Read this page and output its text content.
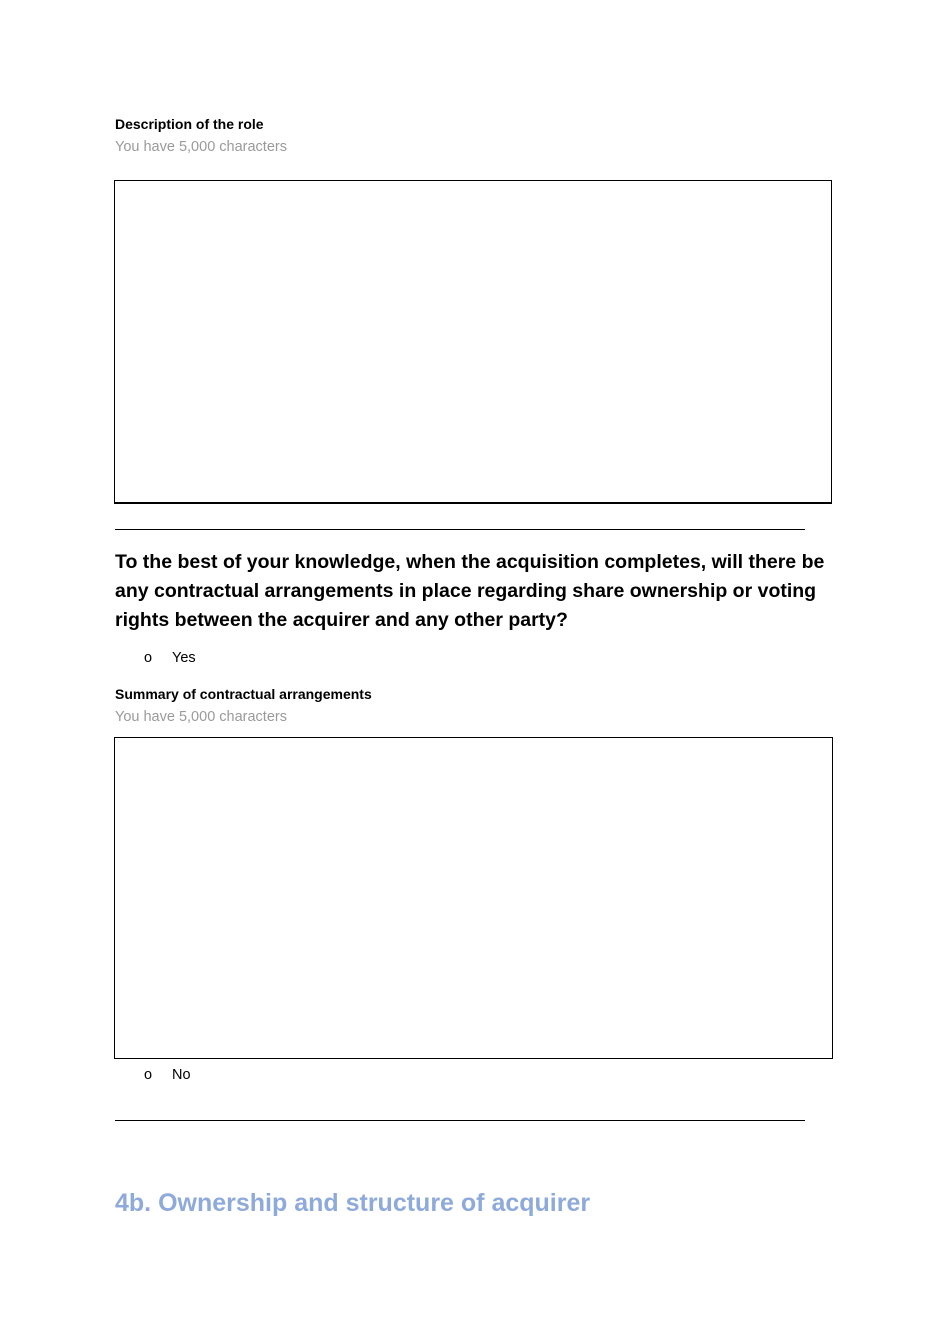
Description of the role
You have 5,000 characters
To the best of your knowledge, when the acquisition completes, will there be any contractual arrangements in place regarding share ownership or voting rights between the acquirer and any other party?
o Yes
Summary of contractual arrangements
You have 5,000 characters
o No
4b. Ownership and structure of acquirer
